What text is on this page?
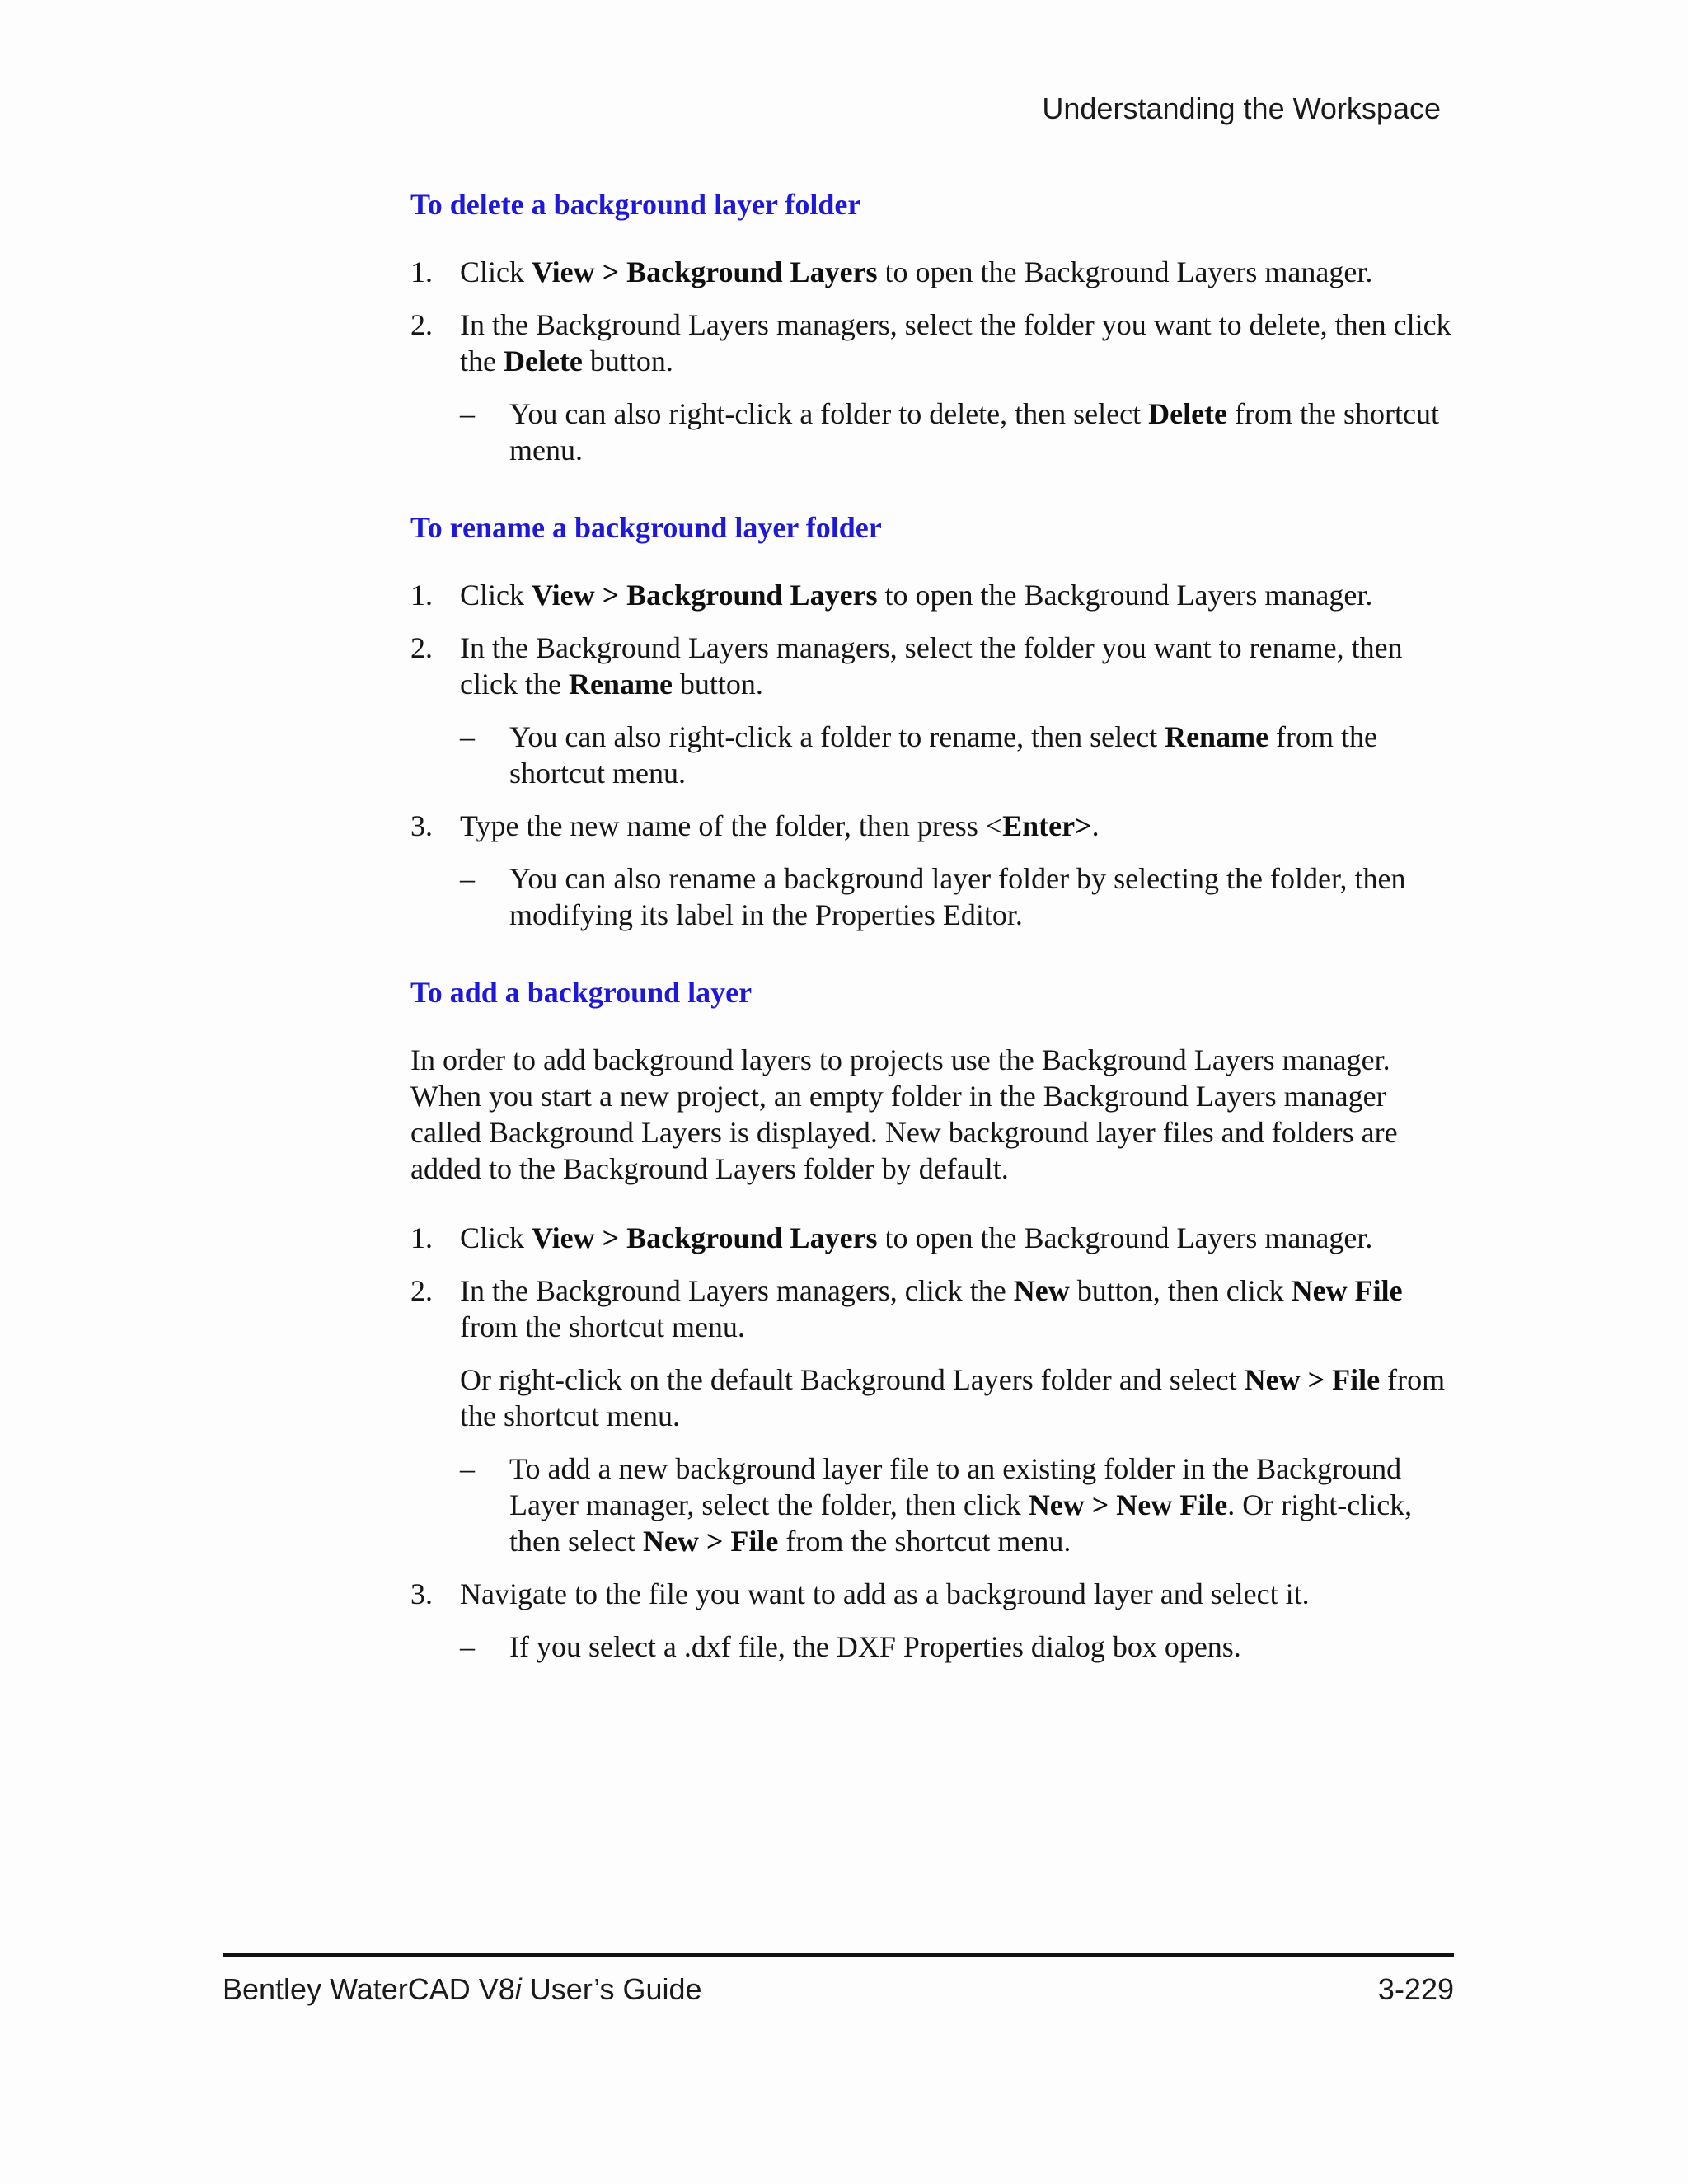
Understanding the Workspace
To delete a background layer folder
1. Click View > Background Layers to open the Background Layers manager.
2. In the Background Layers managers, select the folder you want to delete, then click the Delete button.
–	You can also right-click a folder to delete, then select Delete from the shortcut menu.
To rename a background layer folder
1. Click View > Background Layers to open the Background Layers manager.
2. In the Background Layers managers, select the folder you want to rename, then click the Rename button.
–	You can also right-click a folder to rename, then select Rename from the shortcut menu.
3. Type the new name of the folder, then press <Enter>.
–	You can also rename a background layer folder by selecting the folder, then modifying its label in the Properties Editor.
To add a background layer

In order to add background layers to projects use the Background Layers manager. When you start a new project, an empty folder in the Background Layers manager called Background Layers is displayed. New background layer files and folders are added to the Background Layers folder by default.

1. Click View > Background Layers to open the Background Layers manager.
2. In the Background Layers managers, click the New button, then click New File from the shortcut menu.

Or right-click on the default Background Layers folder and select New > File from the shortcut menu.

–	To add a new background layer file to an existing folder in the Background Layer manager, select the folder, then click New > New File. Or right-click, then select New > File from the shortcut menu.
3. Navigate to the file you want to add as a background layer and select it.
–	If you select a .dxf file, the DXF Properties dialog box opens.
Bentley WaterCAD V8i User’s Guide	3-229
